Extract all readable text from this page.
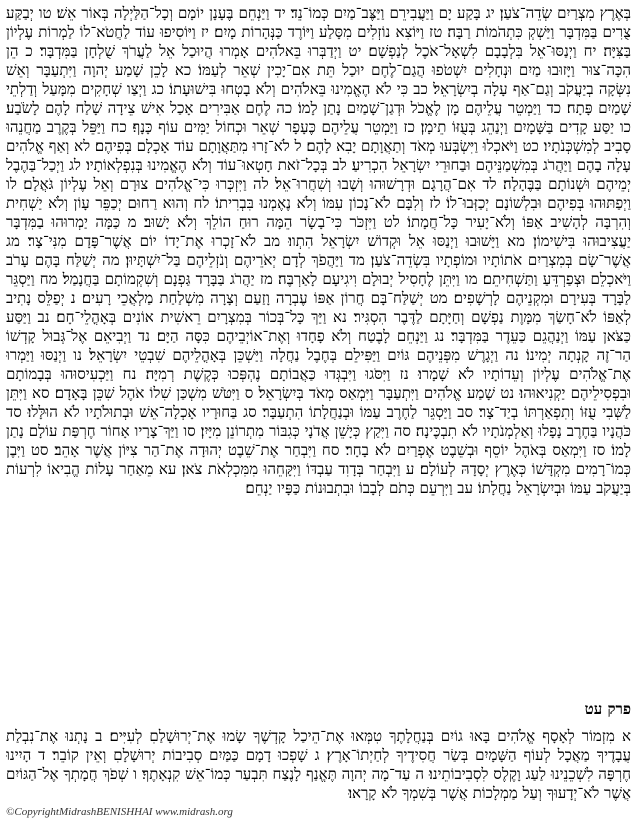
בְּאֶרֶץ מִצְרַיִם שְׂדֵה־צֹעַן׃ יג בָּקַע יָם וַיַּעֲבִירֵם וַיַּצֶּב־מַיִם כְּמוֹ־נֵד׃ יד וַיַּנְחֵם בֶּעָנָן יוֹמָם וְכָל־הַלַּיְלָה בְּאוֹר אֵשׁ׃ טו יְבַקַּע צֻרִים בַּמִּדְבָּר וַיַּשְׁקְ כִּתְהֹמוֹת רַבָּה׃ טז וַיּוֹצִא נוֹזְלִים מִסָּלַע וַיּוֹרֶד כַּנְּהָרוֹת מָיִם׃ יז וַיּוֹסִיפוּ עוֹד לַחֲטֹא־לוֹ לַמְרוֹת עֶלְיוֹן בַּצִּיָּה׃ יח וַיְנַסּוּ־אֵל בִּלְבָבָם לִשְׁאָל־אֹכֶל לְנַפְשָׁם׃ יט וַיְדַבְּרוּ בֵּאלֹהִים אָמְרוּ הֲיוּכַל אֵל לַעֲרֹךְ שֻׁלְחָן בַּמִּדְבָּר׃ כ הֵן הִכָּה־צוּר וַיָּזוּבוּ מַיִם וּנְחָלִים יִשְׁטֹפוּ הֲגַם־לֶחֶם יוּכַל תֵּת אִם־יָכִין שְׁאֵר לְעַמּוֹ׃ כא לָכֵן שָׁמַע יְהוָה וַיִּתְעַבָּר וְאֵשׁ נִשְּׂקָה בְיַעֲקֹב וְגַם־אַף עָלָה בְיִשְׂרָאֵל׃ כב כִּי לֹא הֶאֱמִינוּ בֵּאלֹהִים וְלֹא בָטְחוּ בִּישׁוּעָתוֹ׃ כג וַיְצַו שְׁחָקִים מִמָּעַל וְדַלְתֵי שָׁמַיִם פָּתָח׃ כד וַיַּמְטֵר עֲלֵיהֶם מָן לֶאֱכֹל וּדְגַן־שָׁמַיִם נָתַן לָמוֹ׃ כה לֶחֶם אַבִּירִים אָכַל אִישׁ צֵידָה שָׁלַח לָהֶם לָשֹׂבַע׃ כו יַסַּע קָדִים בַּשָּׁמָיִם וַיְנַהֵג בְּעֻזּוֹ תֵימָן׃ כז וַיַּמְטֵר עֲלֵיהֶם כֶּעָפָר שְׁאֵר וּכְחוֹל יַמִּים עוֹף כָּנָף׃ כח וַיַּפֵּל בְּקֶרֶב מַחֲנֵהוּ סָבִיב לְמִשְׁכְּנֹתָיו׃ כט וַיֹּאכְלוּ וַיִּשְׂבְּעוּ מְאֹד וְתַאֲוָתָם יָבִא לָהֶם׃ ל לֹא־זָרוּ מִתַּאֲוָתָם עוֹד אָכְלָם בְּפִיהֶם׃ לא וְאַף אֱלֹהִים עָלָה בָהֶם וַיַּהֲרֹג בְּמִשְׁמַנֵּיהֶם וּבַחוּרֵי יִשְׂרָאֵל הִכְרִיעַ׃ לב בְּכָל־זֹאת חָטְאוּ־עוֹד וְלֹא הֶאֱמִינוּ בְּנִפְלְאוֹתָיו׃ לג וַיְכַל־בַּהֶבֶל יְמֵיהֶם וּשְׁנוֹתָם בַּבֶּהָלָה׃ לד אִם־הֲרָגָם וּדְרָשׁוּהוּ וְשָׁבוּ וְשִׁחֲרוּ־אֵל׃ לה וַיִּזְכְּרוּ כִּי־אֱלֹהִים צוּרָם וְאֵל עֶלְיוֹן גֹּאֲלָם׃ לו וַיְפַתּוּהוּ בְּפִיהֶם וּבִלְשׁוֹנָם יְכַזְּבוּ־לוֹ׃ לז וְלִבָּם לֹא־נָכוֹן עִמּוֹ וְלֹא נֶאֶמְנוּ בִּבְרִיתוֹ׃ לח וְהוּא רַחוּם יְכַפֵּר עָוֹן וְלֹא יַשְׁחִית וְהִרְבָּה לְהָשִׁיב אַפּוֹ וְלֹא־יָעִיר כָּל־חֲמָתוֹ׃ לט וַיִּזְכֹּר כִּי־בָשָׂר הֵמָּה רוּחַ הוֹלֵךְ וְלֹא יָשׁוּב׃ מ כַּמָּה יַמְרוּהוּ בַמִּדְבָּר יַעֲצִיבוּהוּ בִּישִׁימוֹן׃ מא וַיָּשׁוּבוּ וַיְנַסּוּ אֵל וּקְדוֹשׁ יִשְׂרָאֵל הִתְווּ׃ מב לֹא־זָכְרוּ אֶת־יָדוֹ יוֹם אֲשֶׁר־פָּדָם מִנִּי־צָר׃ מג אֲשֶׁר־שָׂם בְּמִצְרַיִם אֹתוֹתָיו וּמוֹפְתָיו בִּשְׂדֵה־צֹעַן׃ מד וַיַּהֲפֹךְ לְדָם יְאֹרֵיהֶם וְנֹזְלֵיהֶם בַּל־יִשְׁתָּיוּן׃ מה יְשַׁלַּח בָּהֶם עָרֹב וַיֹּאכְלֵם וּצְפַרְדֵּעַ וַתַּשְׁחִיתֵם׃ מו וַיִּתֵּן לֶחָסִיל יְבוּלָם וִיגִיעָם לָאַרְבֶּה׃ מז יַהֲרֹג בַּבָּרָד גַּפְנָם וְשִׁקְמוֹתָם בַּחֲנָמַל׃ מח וַיַּסְגֵּר לַבָּרָד בְּעִירָם וּמִקְנֵיהֶם לָרְשָׁפִים׃ מט יְשַׁלַּח־בָּם חֲרוֹן אַפּוֹ עֶבְרָה וָזַעַם וְצָרָה מִשְׁלַחַת מַלְאֲכֵי רָעִים׃ נ יְפַלֵּס נָתִיב לְאַפּוֹ לֹא־חָשַׂךְ מִמָּוֶת נַפְשָׁם וְחַיָּתָם לַדֶּבֶר הִסְגִּיר׃ נא וַיַּךְ כָּל־בְּכוֹר בְּמִצְרָיִם רֵאשִׁית אוֹנִים בְּאָהֳלֵי־חָם׃ נב וַיַּסַּע כַּצֹּאן עַמּוֹ וַיְנַהֲגֵם כַּעֵדֶר בַּמִּדְבָּר׃ נג וַיַּנְחֵם לָבֶטַח וְלֹא פָחָדוּ וְאֶת־אוֹיְבֵיהֶם כִּסָּה הַיָּם׃ נד וַיְבִיאֵם אֶל־גְּבוּל קָדְשׁוֹ הַר־זֶה קָנְתָה יְמִינוֹ׃ נה וַיְגָרֶשׁ מִפְּנֵיהֶם גּוֹיִם וַיַּפִּילֵם בְּחֶבֶל נַחֲלָה וַיַּשְׁכֵּן בְּאָהֳלֵיהֶם שִׁבְטֵי יִשְׂרָאֵל׃ נו וַיְנַסּוּ וַיַּמְרוּ אֶת־אֱלֹהִים עֶלְיוֹן וְעֵדוֹתָיו לֹא שָׁמָרוּ׃ נז וַיִּסֹּגוּ וַיִּבְגְּדוּ כַּאֲבוֹתָם נֶהְפְּכוּ כְּקֶשֶׁת רְמִיָּה׃ נח וַיַּכְעִיסוּהוּ בְּבָמוֹתָם וּבִפְסִילֵיהֶם יַקְנִיאוּהוּ׃ נט שָׁמַע אֱלֹהִים וַיִּתְעַבָּר וַיִּמְאַס מְאֹד בְּיִשְׂרָאֵל׃ ס וַיִּטֹּשׁ מִשְׁכַּן שִׁלוֹ אֹהֶל שִׁכֵּן בָּאָדָם׃ סא וַיִּתֵּן לַשְּׁבִי עֻזּוֹ וְתִפְאַרְתּוֹ בְיַד־צָר׃ סב וַיַּסְגֵּר לַחֶרֶב עַמּוֹ וּבְנַחֲלָתוֹ הִתְעַבָּר׃ סג בַּחוּרָיו אָכְלָה־אֵשׁ וּבְתוּלֹתָיו לֹא הוּלָּלוּ׃ סד כֹּהֲנָיו בַּחֶרֶב נָפָלוּ וְאַלְמְנֹתָיו לֹא תִבְכֶּינָה׃ סה וַיִּקַץ כְּיָשֵׁן אֲדֹנָי כְּגִבּוֹר מִתְרוֹנֵן מִיָּיִן׃ סו וַיַּךְ־צָרָיו אָחוֹר חֶרְפַּת עוֹלָם נָתַן לָמוֹ׃ סז וַיִּמְאַס בְּאֹהֶל יוֹסֵף וּבְשֵׁבֶט אֶפְרַיִם לֹא בָחָר׃ סח וַיִּבְחַר אֶת־שֵׁבֶט יְהוּדָה אֶת־הַר צִיּוֹן אֲשֶׁר אָהֵב׃ סט וַיִּבֶן כְּמוֹ־רָמִים מִקְדָּשׁוֹ כְּאֶרֶץ יְסָדָהּ לְעוֹלָם׃ ע וַיִּבְחַר בְּדָוִד עַבְדּוֹ וַיִּקָּחֵהוּ מִמִּכְלְאֹת צֹאן׃ עא מֵאַחַר עָלוֹת הֱבִיאוֹ לִרְעוֹת בְּיַעֲקֹב עַמּוֹ וּבְיִשְׂרָאֵל נַחֲלָתוֹ׃ עב וַיִּרְעֵם כְּתֹם לְבָבוֹ וּבִתְבוּנוֹת כַּפָּיו יַנְחֵם׃

פרק עט

א מִזְמוֹר לְאָסָף אֱלֹהִים בָּאוּ גוֹיִם בְּנַחֲלָתֶךָ טִמְּאוּ אֶת־הֵיכַל קָדְשֶׁךָ שָׂמוּ אֶת־יְרוּשָׁלַםִ לְעִיִּים׃ ב נָתְנוּ אֶת־נִבְלַת עֲבָדֶיךָ מַאֲכָל לְעוֹף הַשָּׁמָיִם בְּשַׂר חֲסִידֶיךָ לְחַיְתוֹ־אָרֶץ׃ ג שָׁפְכוּ דָמָם כַּמַּיִם סְבִיבוֹת יְרוּשָׁלָםִ וְאֵין קוֹבֵר׃ ד הָיִינוּ חֶרְפָּה לִשְׁכֵנֵינוּ לַעַג וָקֶלֶס לִסְבִיבוֹתֵינוּ׃ ה עַד־מָה יְהוָה תֶּאֱנַף לָנֶצַח תִּבְעַר כְּמוֹ־אֵשׁ קִנְאָתֶךָ׃ ו שְׁפֹךְ חֲמָתְךָ אֶל־הַגּוֹיִם אֲשֶׁר לֹא־יְדָעוּךָ וְעַל מַמְלָכוֹת אֲשֶׁר בְּשִׁמְךָ לֹא קָרָאוּ׃

©CopyrightMidrashBENISHHAI www.midrash.org
